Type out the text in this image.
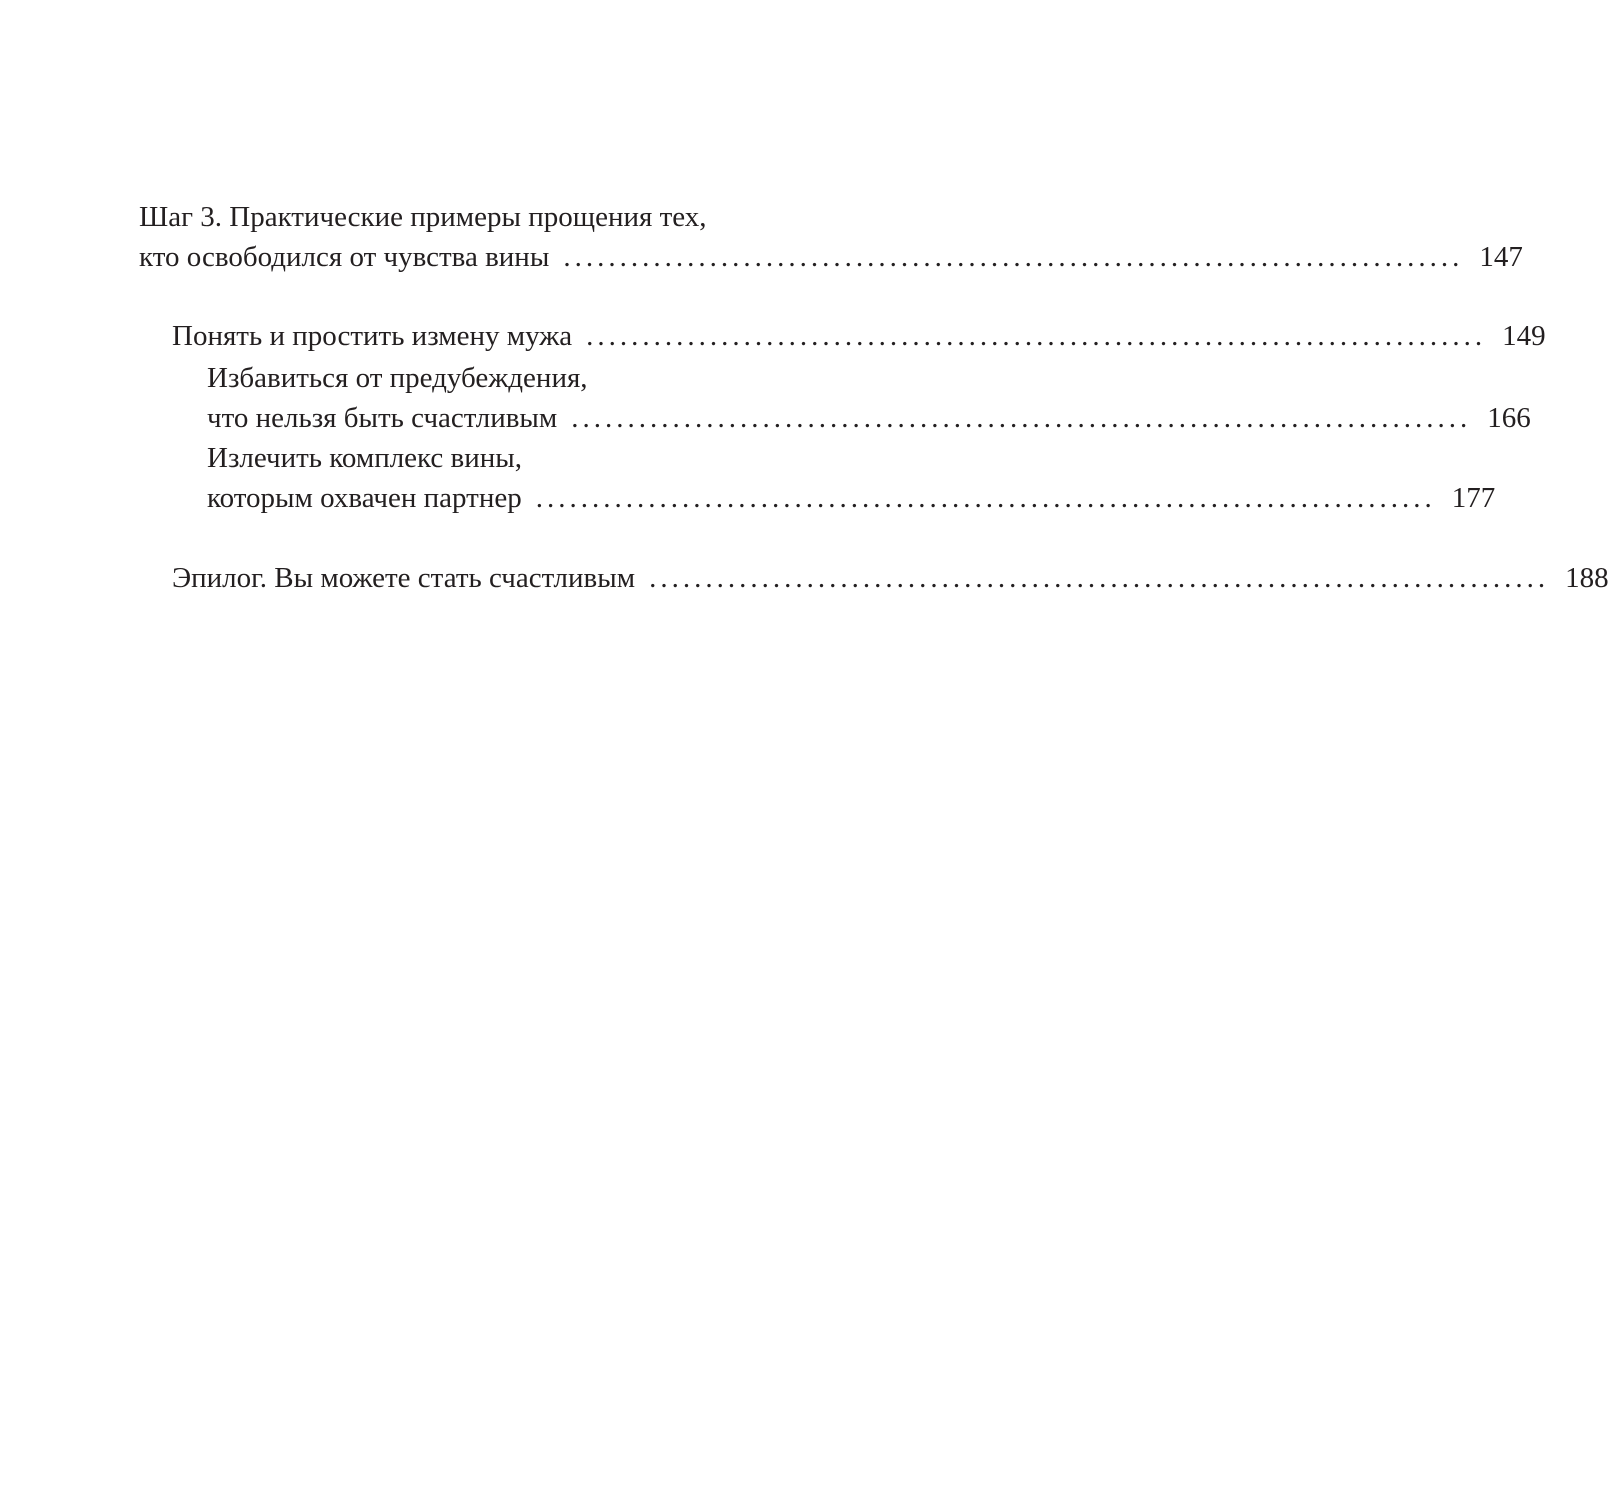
Шаг 3. Практические примеры прощения тех,
кто освободился от чувства вины ................................................................................ 147
Понять и простить измену мужа ................................................................................ 149
Избавиться от предубеждения,
что нельзя быть счастливым ................................................................................ 166
Излечить комплекс вины,
которым охвачен партнер ................................................................................ 177
Эпилог. Вы можете стать счастливым ................................................................................ 188
